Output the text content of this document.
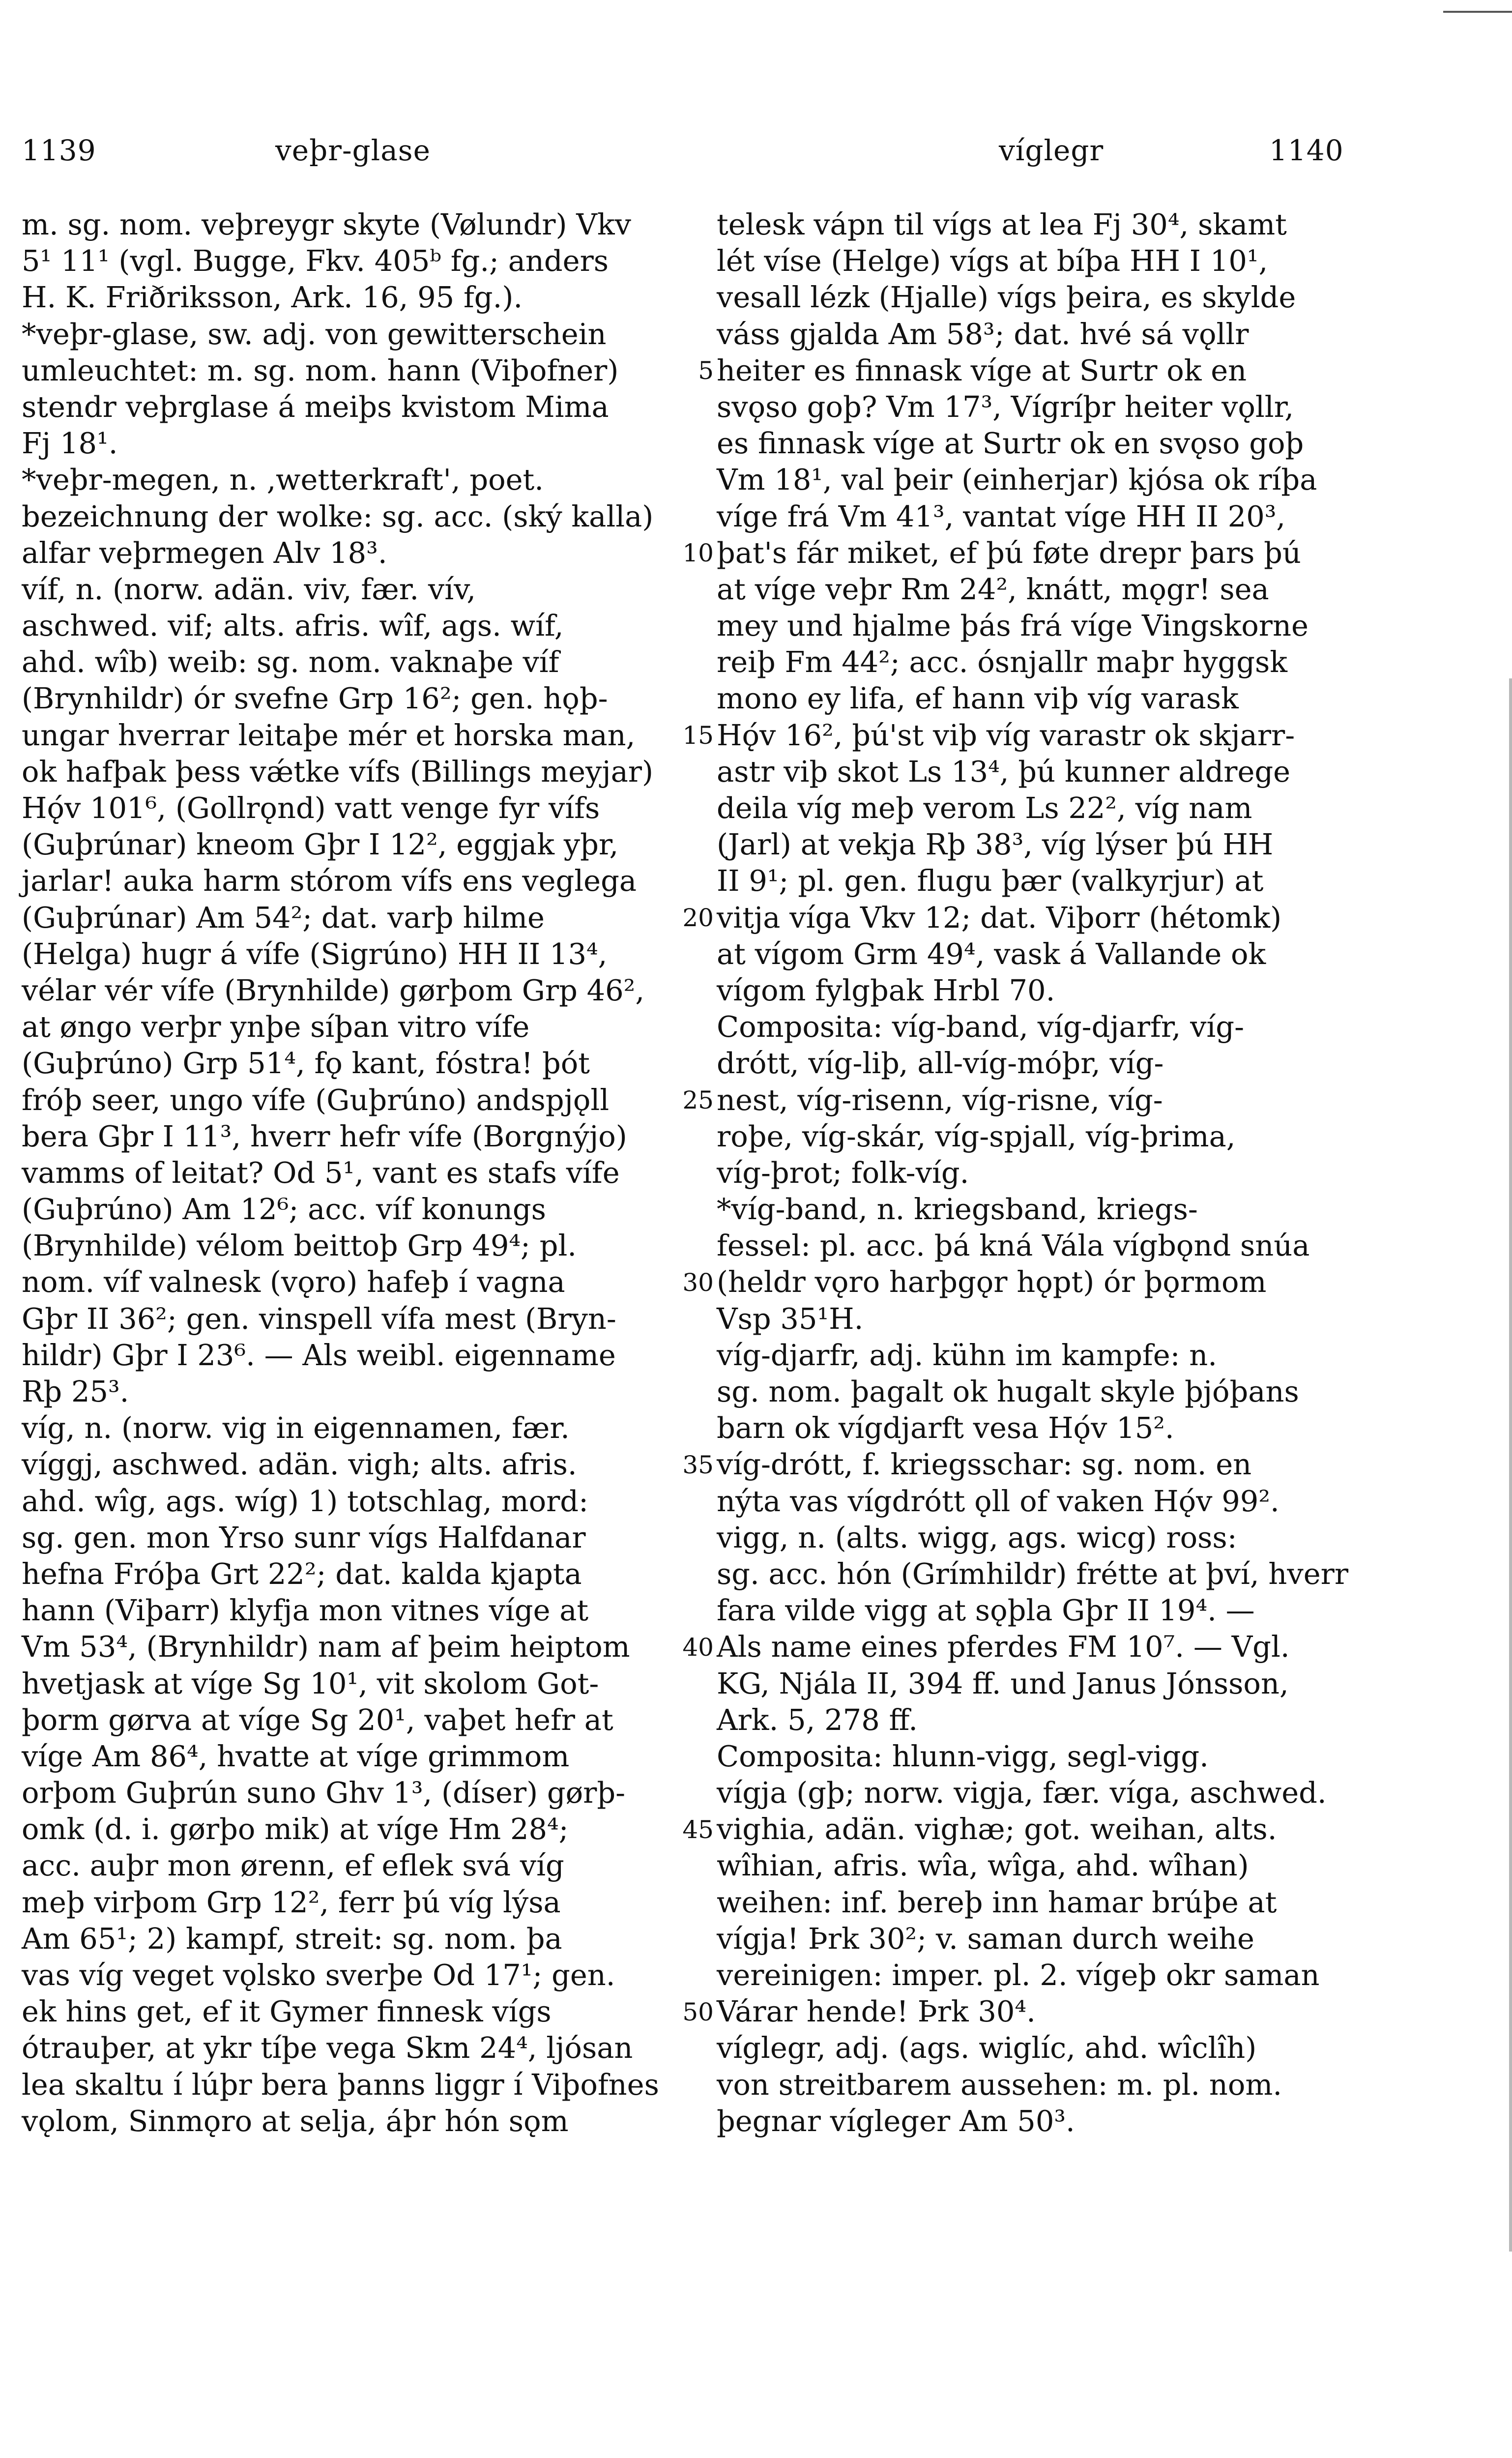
1139	veþr-glase	víglegr	1140
m. sg. nom. veþreygr skyte (Vølundr) Vkv
5¹ 11¹ (vgl. Bugge, Fkv. 405ᵇ fg.; anders
H. K. Friðriksson, Ark. 16, 95 fg.).
*veþr-glase, sw. adj. von gewitterschein
umleuchtet: m. sg. nom. hann (Viþofner)
stendr veþrglase á meiþs kvistom Mima
Fj 18¹.
*veþr-megen, n. ‚wetterkraft', poet.
bezeichnung der wolke: sg. acc. (ský kalla)
alfar veþrmegen Alv 18³.
víf, n. (norw. adän. viv, fær. vív,
aschwed. vif; alts. afris. wîf, ags. wíf,
ahd. wîb) weib: sg. nom. vaknaþe víf
(Brynhildr) ór svefne Grp 16²; gen. hǫþ-
ungar hverrar leitaþe mér et horska man,
ok hafþak þess vǽtke vífs (Billings meyjar)
Hǫ́v 101⁶, (Gollrǫnd) vatt venge fyr vífs
(Guþrúnar) kneom Gþr I 12², eggjak yþr,
jarlar! auka harm stórom vífs ens veglega
(Guþrúnar) Am 54²; dat. varþ hilme
(Helga) hugr á vífe (Sigrúno) HH II 13⁴,
vélar vér vífe (Brynhilde) gørþom Grp 46²,
at øngo verþr ynþe síþan vitro vífe
(Guþrúno) Grp 51⁴, fǫ kant, fóstra! þót
fróþ seer, ungo vífe (Guþrúno) andspjǫll
bera Gþr I 11³, hverr hefr vífe (Borgnýjo)
vamms of leitat? Od 5¹, vant es stafs vífe
(Guþrúno) Am 12⁶; acc. víf konungs
(Brynhilde) vélom beittoþ Grp 49⁴; pl.
nom. víf valnesk (vǫro) hafeþ í vagna
Gþr II 36²; gen. vinspell vífa mest (Bryn-
hildr) Gþr I 23⁶. — Als weibl. eigenname
Rþ 25³.
víg, n. (norw. vig in eigennamen, fær.
víggj, aschwed. adän. vigh; alts. afris.
ahd. wîg, ags. wíg) 1) totschlag, mord:
sg. gen. mon Yrso sunr vígs Halfdanar
hefna Fróþa Grt 22²; dat. kalda kjapta
hann (Viþarr) klyfja mon vitnes víge at
Vm 53⁴, (Brynhildr) nam af þeim heiptom
hvetjask at víge Sg 10¹, vit skolom Got-
þorm gørva at víge Sg 20¹, vaþet hefr at
víge Am 86⁴, hvatte at víge grimmom
orþom Guþrún suno Ghv 1³, (díser) gørþ-
omk (d. i. gørþo mik) at víge Hm 28⁴;
acc. auþr mon ørenn, ef eflek svá víg
meþ virþom Grp 12², ferr þú víg lýsa
Am 65¹; 2) kampf, streit: sg. nom. þa
vas víg veget vǫlsko sverþe Od 17¹; gen.
ek hins get, ef it Gymer finnesk vígs
ótrauþer, at ykr tíþe vega Skm 24⁴, ljósan
lea skaltu í lúþr bera þanns liggr í Viþofnes
vǫlom, Sinmǫro at selja, áþr hón sǫm
5
10
15
20
25
30
35
40
45
50
telesk vápn til vígs at lea Fj 30⁴, skamt
lét víse (Helge) vígs at bíþa HH I 10¹,
vesall lézk (Hjalle) vígs þeira, es skylde
váss gjalda Am 58³; dat. hvé sá vǫllr
heiter es finnask víge at Surtr ok en
svǫso goþ? Vm 17³, Vígríþr heiter vǫllr,
es finnask víge at Surtr ok en svǫso goþ
Vm 18¹, val þeir (einherjar) kjósa ok ríþa
víge frá Vm 41³, vantat víge HH II 20³,
þat's fár miket, ef þú føte drepr þars þú
at víge veþr Rm 24², knátt, mǫgr! sea
mey und hjalme þás frá víge Vingskorne
reiþ Fm 44²; acc. ósnjallr maþr hyggsk
mono ey lifa, ef hann viþ víg varask
Hǫ́v 16², þú'st viþ víg varastr ok skjarr-
astr viþ skot Ls 13⁴, þú kunner aldrege
deila víg meþ verom Ls 22², víg nam
(Jarl) at vekja Rþ 38³, víg lýser þú HH
II 9¹; pl. gen. flugu þær (valkyrjur) at
vitja víga Vkv 12; dat. Viþorr (hétomk)
at vígom Grm 49⁴, vask á Vallande ok
vígom fylgþak Hrbl 70.
Composita: víg-band, víg-djarfr, víg-
drótt, víg-liþ, all-víg-móþr, víg-
nest, víg-risenn, víg-risne, víg-
roþe, víg-skár, víg-spjall, víg-þrima,
víg-þrot; folk-víg.
*víg-band, n. kriegsband, kriegs-
fessel: pl. acc. þá kná Vála vígbǫnd snúa
(heldr vǫro harþgǫr hǫpt) ór þǫrmom
Vsp 35¹H.
víg-djarfr, adj. kühn im kampfe: n.
sg. nom. þagalt ok hugalt skyle þjóþans
barn ok vígdjarft vesa Hǫ́v 15².
víg-drótt, f. kriegsschar: sg. nom. en
nýta vas vígdrótt ǫll of vaken Hǫ́v 99².
vigg, n. (alts. wigg, ags. wicg) ross:
sg. acc. hón (Grímhildr) frétte at því, hverr
fara vilde vigg at sǫþla Gþr II 19⁴. —
Als name eines pferdes FM 10⁷. — Vgl.
KG, Njála II, 394 ff. und Janus Jónsson,
Ark. 5, 278 ff.
Composita: hlunn-vigg, segl-vigg.
vígja (gþ; norw. vigja, fær. víga, aschwed.
vighia, adän. vighæ; got. weihan, alts.
wîhian, afris. wîa, wîga, ahd. wîhan)
weihen: inf. bereþ inn hamar brúþe at
vígja! Þrk 30²; v. saman durch weihe
vereinigen: imper. pl. 2. vígeþ okr saman
Várar hende! Þrk 30⁴.
víglegr, adj. (ags. wiglíc, ahd. wîclîh)
von streitbarem aussehen: m. pl. nom.
þegnar vígleger Am 50³.
